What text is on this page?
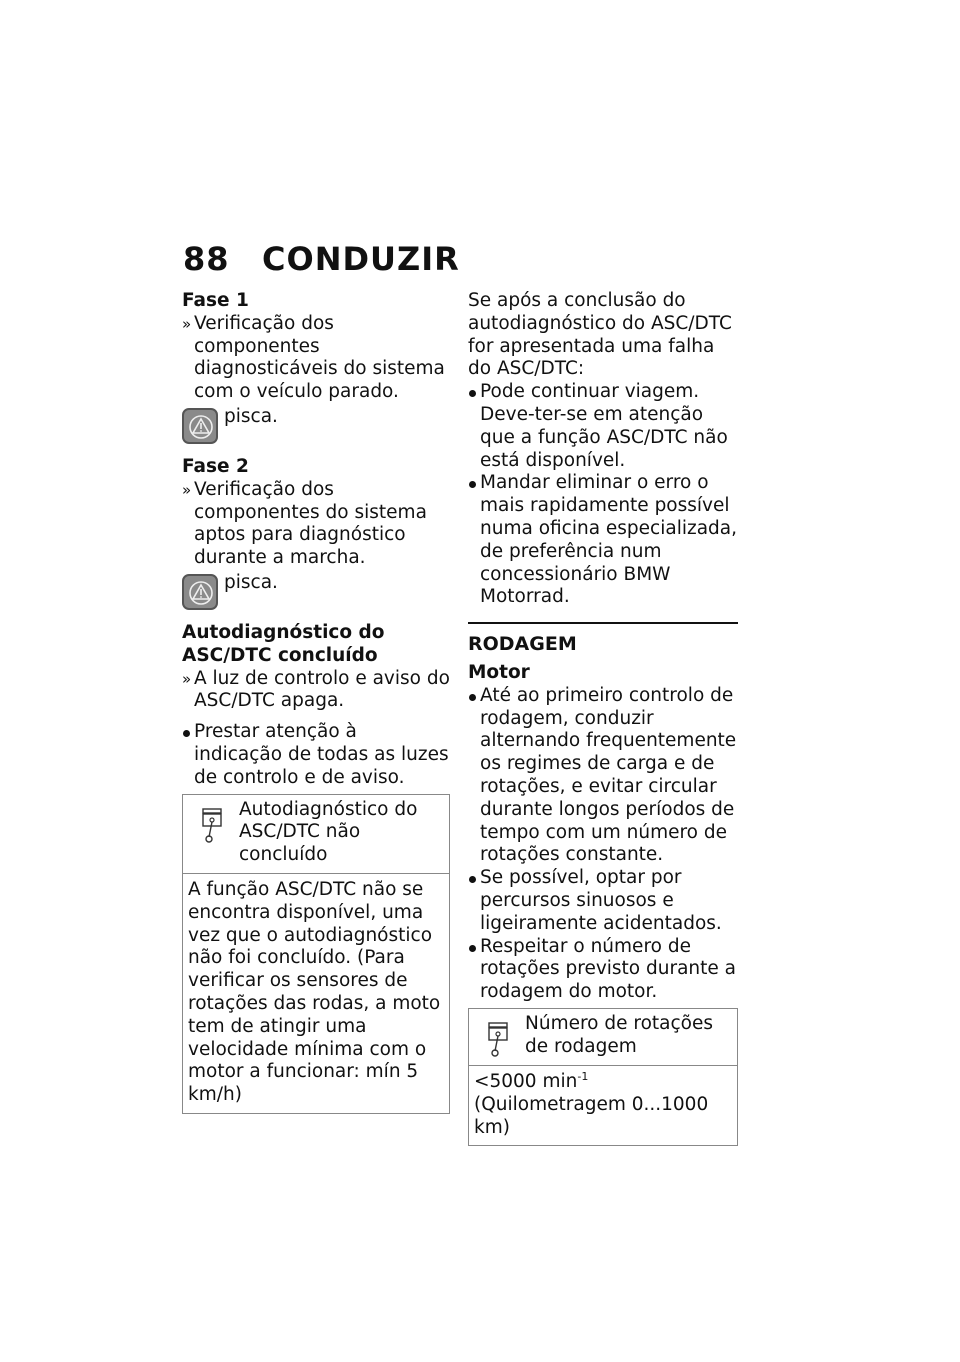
88 CONDUZIR

Fase 1

» Verificação dos componentes diagnosticáveis do sistema com o veículo parado.

pisca.

Fase 2

» Verificação dos componentes do sistema aptos para diagnóstico durante a marcha.

pisca.

Autodiagnóstico do ASC/DTC concluído

» A luz de controlo e aviso do ASC/DTC apaga.

Prestar atenção à indicação de todas as luzes de controlo e de aviso.

Autodiagnóstico do ASC/DTC não concluído
A função ASC/DTC não se encontra disponível, uma vez que o autodiagnóstico não foi concluído. (Para verificar os sensores de rotações das rodas, a moto tem de atingir uma velocidade mínima com o motor a funcionar: mín 5 km/h)

Se após a conclusão do autodiagnóstico do ASC/DTC for apresentada uma falha do ASC/DTC:

Pode continuar viagem. Deve-ter-se em atenção que a função ASC/DTC não está disponível.

Mandar eliminar o erro o mais rapidamente possível numa oficina especializada, de preferência num concessionário BMW Motorrad.

RODAGEM

Motor

Até ao primeiro controlo de rodagem, conduzir alternando frequentemente os regimes de carga e de rotações, e evitar circular durante longos períodos de tempo com um número de rotações constante.

Se possível, optar por percursos sinuosos e ligeiramente acidentados.

Respeitar o número de rotações previsto durante a rodagem do motor.

Número de rotações de rodagem
<5000 $\min^{-1}$ (Quilometragem 0...1000 km)
